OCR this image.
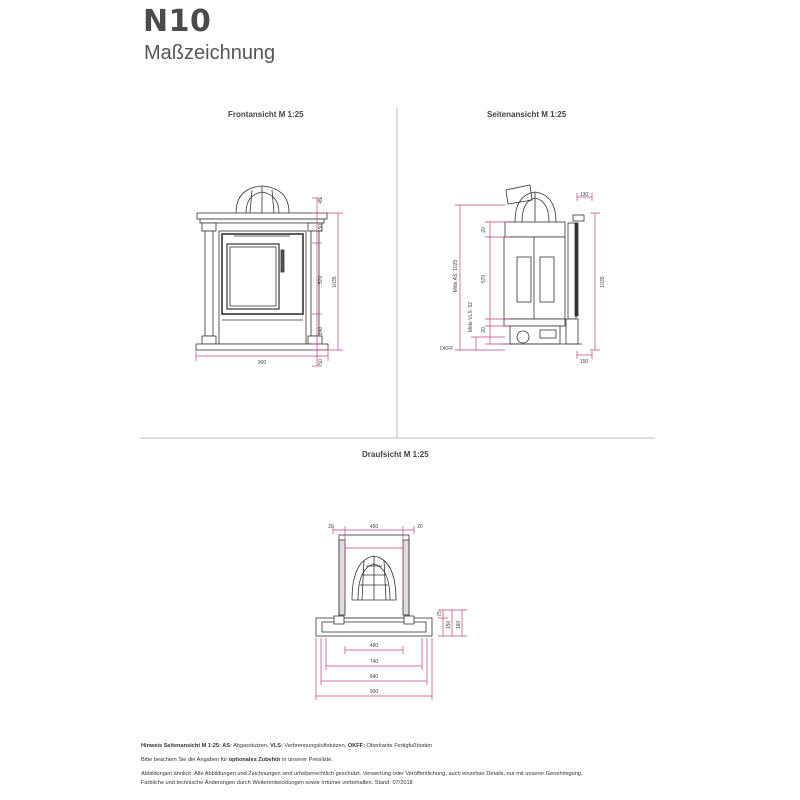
N10
Maßzeichnung
Frontansicht M 1:25	Seitenansicht M 1:25
Draufsicht M 1:25
900
45
150
570
240
50
1035
130
150
1035
20
570
20
Mitte AS: 1025
Mitte VLS: 92
OKFF
20	450	20
480
740
840
900
75
150 160
Hinweis Seitenansicht M 1:25: AS: Abgasstutzen, VLS: Verbrennungsluftstutzen, OKFF: Oberkante Fertigfußboden
Bitte beachten Sie die Angaben für optionales Zubehör in unserer Preisliste.
Abbildungen ähnlich. Alle Abbildungen und Zeichnungen sind urheberrechtlich geschützt. Verwertung oder Veröffentlichung, auch einzelner Details, nur mit unserer Genehmigung.
Farbliche und technische Änderungen durch Weiterentwicklungen sowie Irrtümer vorbehalten. Stand: 07/2018
